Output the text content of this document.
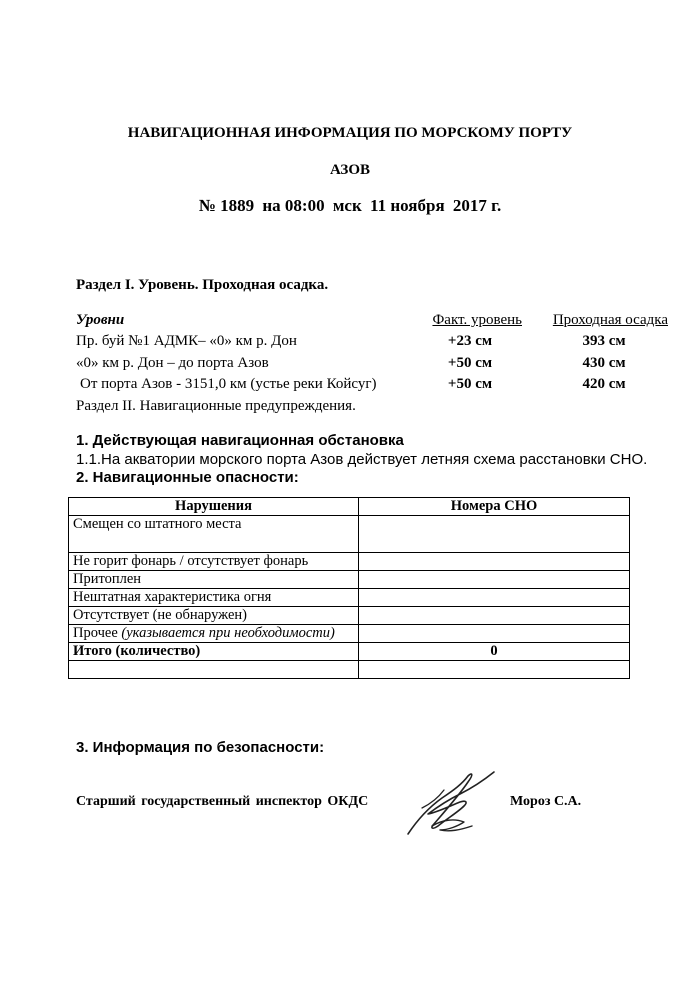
НАВИГАЦИОННАЯ ИНФОРМАЦИЯ ПО МОРСКОМУ ПОРТУ
АЗОВ
№ 1889 на 08:00 мск 11 ноября 2017 г.
Раздел I. Уровень. Проходная осадка.
Уровни	Факт. уровень	Проходная осадка
Пр. буй №1 АДМК– «0» км р. Дон	+23 см	393 см
«0» км р. Дон – до порта Азов	+50 см	430 см
От порта Азов - 3151,0 км (устье реки Койсуг)	+50 см	420 см
Раздел II. Навигационные предупреждения.
1. Действующая навигационная обстановка
1.1.На акватории морского порта Азов действует летняя схема расстановки СНО.
2. Навигационные опасности:
Нарушения	Номера СНО
Смещен со штатного места	
Не горит фонарь / отсутствует фонарь	
Притоплен	
Нештатная характеристика огня	
Отсутствует (не обнаружен)	
Прочее (указывается при необходимости)	
Итого (количество)	0

3. Информация по безопасности:
Старший государственный инспектор ОКДС	Мороз С.А.
